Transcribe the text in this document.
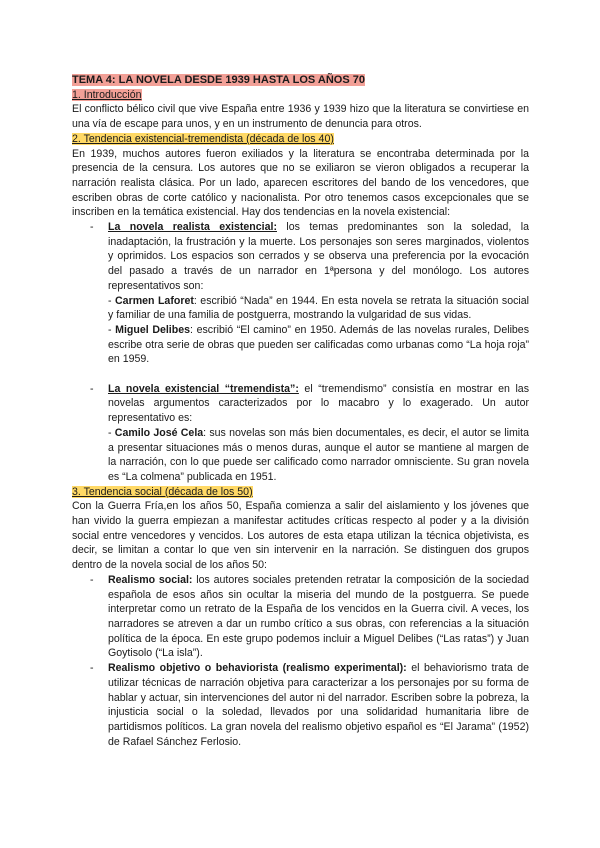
TEMA 4: LA NOVELA DESDE 1939 HASTA LOS AÑOS 70
1. Introducción

El conflicto bélico civil que vive España entre 1936 y 1939 hizo que la literatura se convirtiese en una vía de escape para unos, y en un instrumento de denuncia para otros.

2. Tendencia existencial-tremendista (década de los 40)

En 1939, muchos autores fueron exiliados y la literatura se encontraba determinada por la presencia de la censura. Los autores que no se exiliaron se vieron obligados a recuperar la narración realista clásica. Por un lado, aparecen escritores del bando de los vencedores, que escriben obras de corte católico y nacionalista. Por otro tenemos casos excepcionales que se inscriben en la temática existencial. Hay dos tendencias en la novela existencial:

- La novela realista existencial: los temas predominantes son la soledad, la inadaptación, la frustración y la muerte. Los personajes son seres marginados, violentos y oprimidos. Los espacios son cerrados y se observa una preferencia por la evocación del pasado a través de un narrador en 1ªpersona y del monólogo. Los autores representativos son:
- Carmen Laforet: escribió “Nada” en 1944. En esta novela se retrata la situación social y familiar de una familia de postguerra, mostrando la vulgaridad de sus vidas.
- Miguel Delibes: escribió “El camino” en 1950. Además de las novelas rurales, Delibes escribe otra serie de obras que pueden ser calificadas como urbanas como “La hoja roja” en 1959.
- La novela existencial “tremendista”: el “tremendismo” consistía en mostrar en las novelas argumentos caracterizados por lo macabro y lo exagerado. Un autor representativo es:
- Camilo José Cela: sus novelas son más bien documentales, es decir, el autor se limita a presentar situaciones más o menos duras, aunque el autor se mantiene al margen de la narración, con lo que puede ser calificado como narrador omnisciente. Su gran novela es “La colmena” publicada en 1951.
3. Tendencia social (década de los 50)

Con la Guerra Fría,en los años 50, España comienza a salir del aislamiento y los jóvenes que han vivido la guerra empiezan a manifestar actitudes críticas respecto al poder y a la división social entre vencedores y vencidos. Los autores de esta etapa utilizan la técnica objetivista, es decir, se limitan a contar lo que ven sin intervenir en la narración. Se distinguen dos grupos dentro de la novela social de los años 50:

- Realismo social: los autores sociales pretenden retratar la composición de la sociedad española de esos años sin ocultar la miseria del mundo de la postguerra. Se puede interpretar como un retrato de la España de los vencidos en la Guerra civil. A veces, los narradores se atreven a dar un rumbo crítico a sus obras, con referencias a la situación política de la época. En este grupo podemos incluir a Miguel Delibes (“Las ratas”) y Juan Goytisolo (“La isla”).
- Realismo objetivo o behaviorista (realismo experimental): el behaviorismo trata de utilizar técnicas de narración objetiva para caracterizar a los personajes por su forma de hablar y actuar, sin intervenciones del autor ni del narrador. Escriben sobre la pobreza, la injusticia social o la soledad, llevados por una solidaridad humanitaria libre de partidismos políticos. La gran novela del realismo objetivo español es “El Jarama” (1952) de Rafael Sánchez Ferlosio.
